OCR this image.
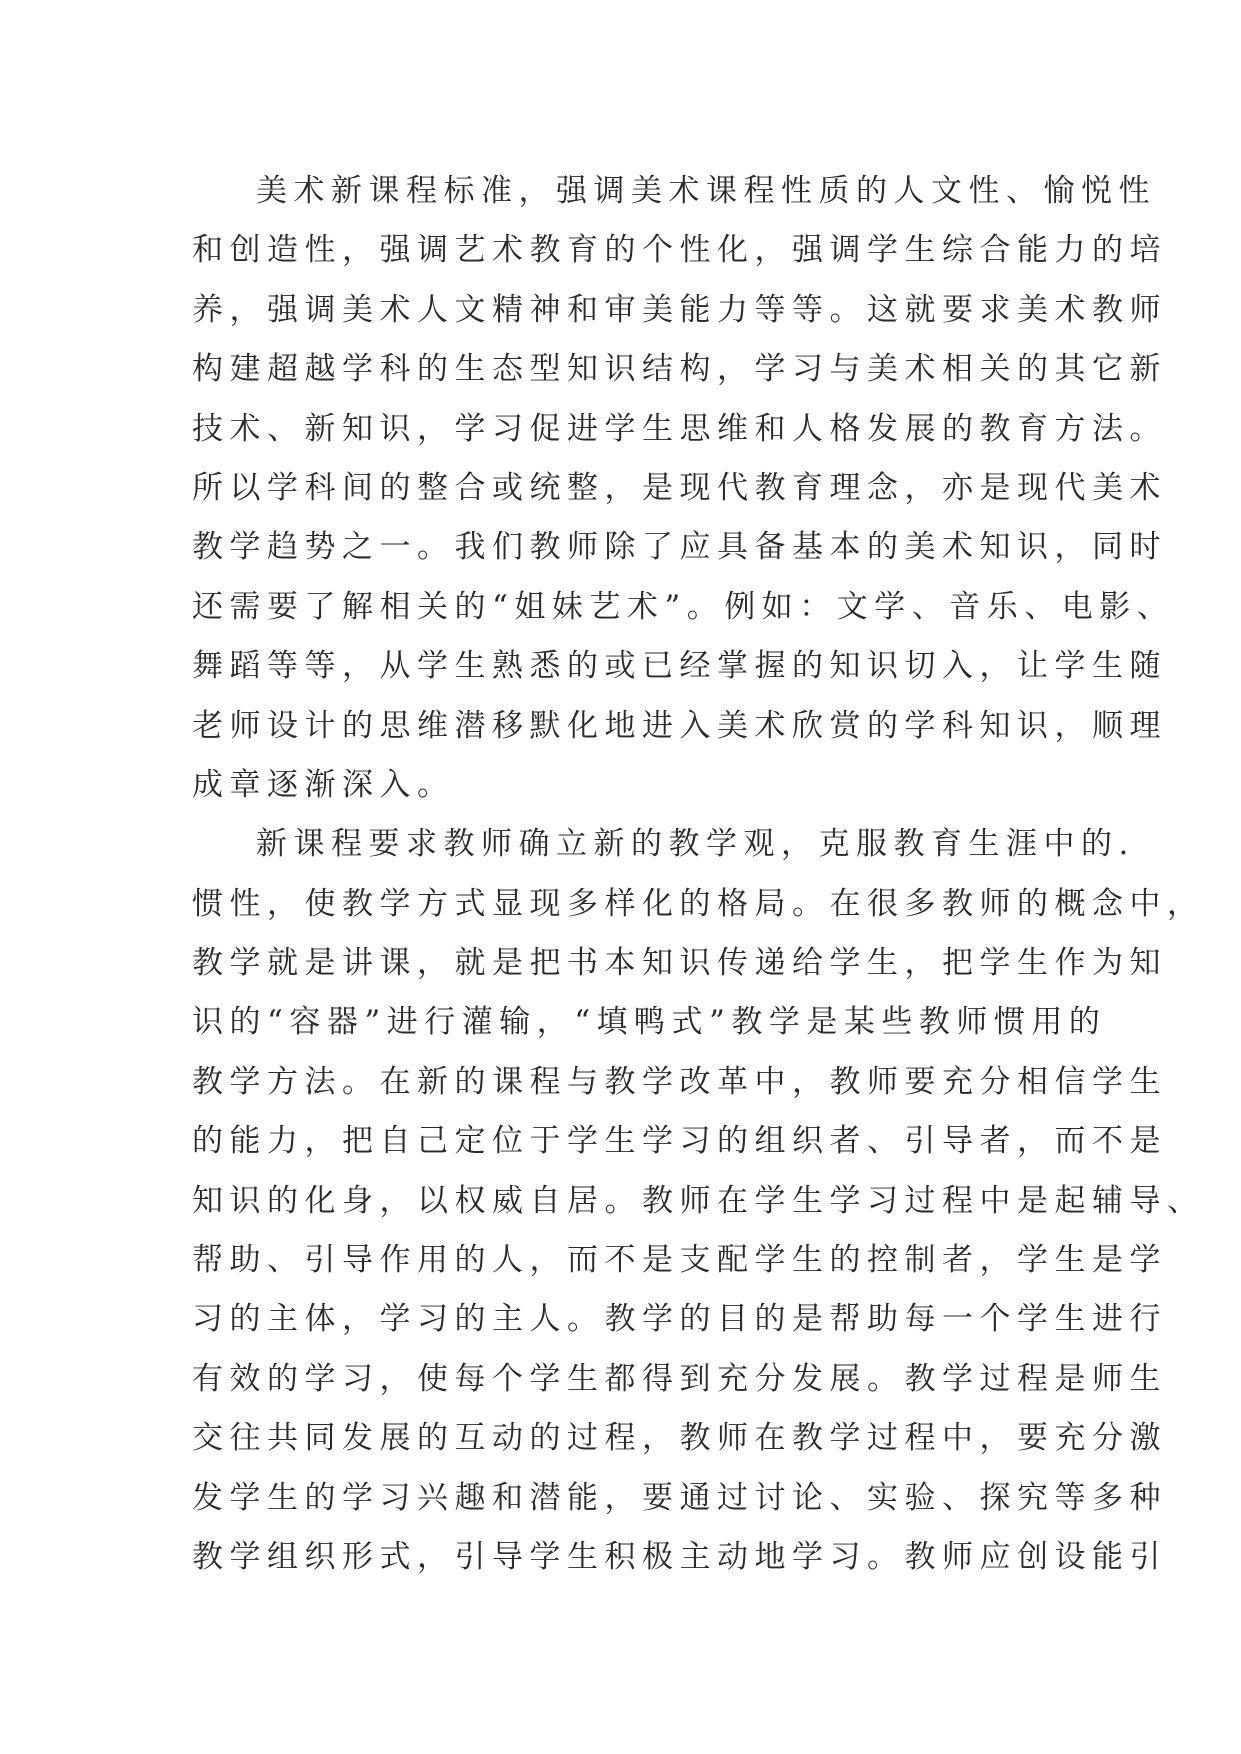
美术新课程标准，强调美术课程性质的人文性、愉悦性
和创造性，强调艺术教育的个性化，强调学生综合能力的培
养，强调美术人文精神和审美能力等等。这就要求美术教师
构建超越学科的生态型知识结构，学习与美术相关的其它新
技术、新知识，学习促进学生思维和人格发展的教育方法。
所以学科间的整合或统整，是现代教育理念，亦是现代美术
教学趋势之一。我们教师除了应具备基本的美术知识，同时
还需要了解相关的“姐妹艺术”。例如：文学、音乐、电影、
舞蹈等等，从学生熟悉的或已经掌握的知识切入，让学生随
老师设计的思维潜移默化地进入美术欣赏的学科知识，顺理
成章逐渐深入。
新课程要求教师确立新的教学观，克服教育生涯中的.
惯性，使教学方式显现多样化的格局。在很多教师的概念中，
教学就是讲课，就是把书本知识传递给学生，把学生作为知
识的“容器”进行灌输，“填鸭式”教学是某些教师惯用的
教学方法。在新的课程与教学改革中，教师要充分相信学生
的能力，把自己定位于学生学习的组织者、引导者，而不是
知识的化身，以权威自居。教师在学生学习过程中是起辅导、
帮助、引导作用的人，而不是支配学生的控制者，学生是学
习的主体，学习的主人。教学的目的是帮助每一个学生进行
有效的学习，使每个学生都得到充分发展。教学过程是师生
交往共同发展的互动的过程，教师在教学过程中，要充分激
发学生的学习兴趣和潜能，要通过讨论、实验、探究等多种
教学组织形式，引导学生积极主动地学习。教师应创设能引
